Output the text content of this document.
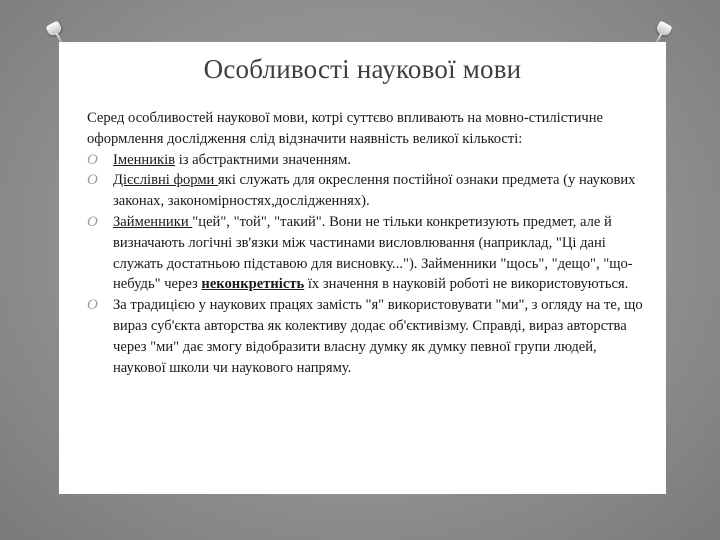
Особливості наукової мови

Серед особливостей наукової мови, котрі суттєво впливають на мовно-стилістичне оформлення дослідження слід відзначити наявність великої кількості:

O Іменників із абстрактними значенням.
O Дієслівні форми які служать для окреслення постійної ознаки предмета (у наукових законах, закономірностях,дослідженнях).
O Займенники "цей", "той", "такий". Вони не тільки конкретизують предмет, але й визначають логічні зв'язки між частинами висловлювання (наприклад, "Ці дані служать достатньою підставою для висновку..."). Займенники "щось", "дещо", "що-небудь" через неконкретність їх значення в науковій роботі не використовуються.
O За традицією у наукових працях замість "я" використовувати "ми", з огляду на те, що вираз суб'єкта авторства як колективу додає об'єктивізму. Справді, вираз авторства через "ми" дає змогу відобразити власну думку як думку певної групи людей, наукової школи чи наукового напряму.
